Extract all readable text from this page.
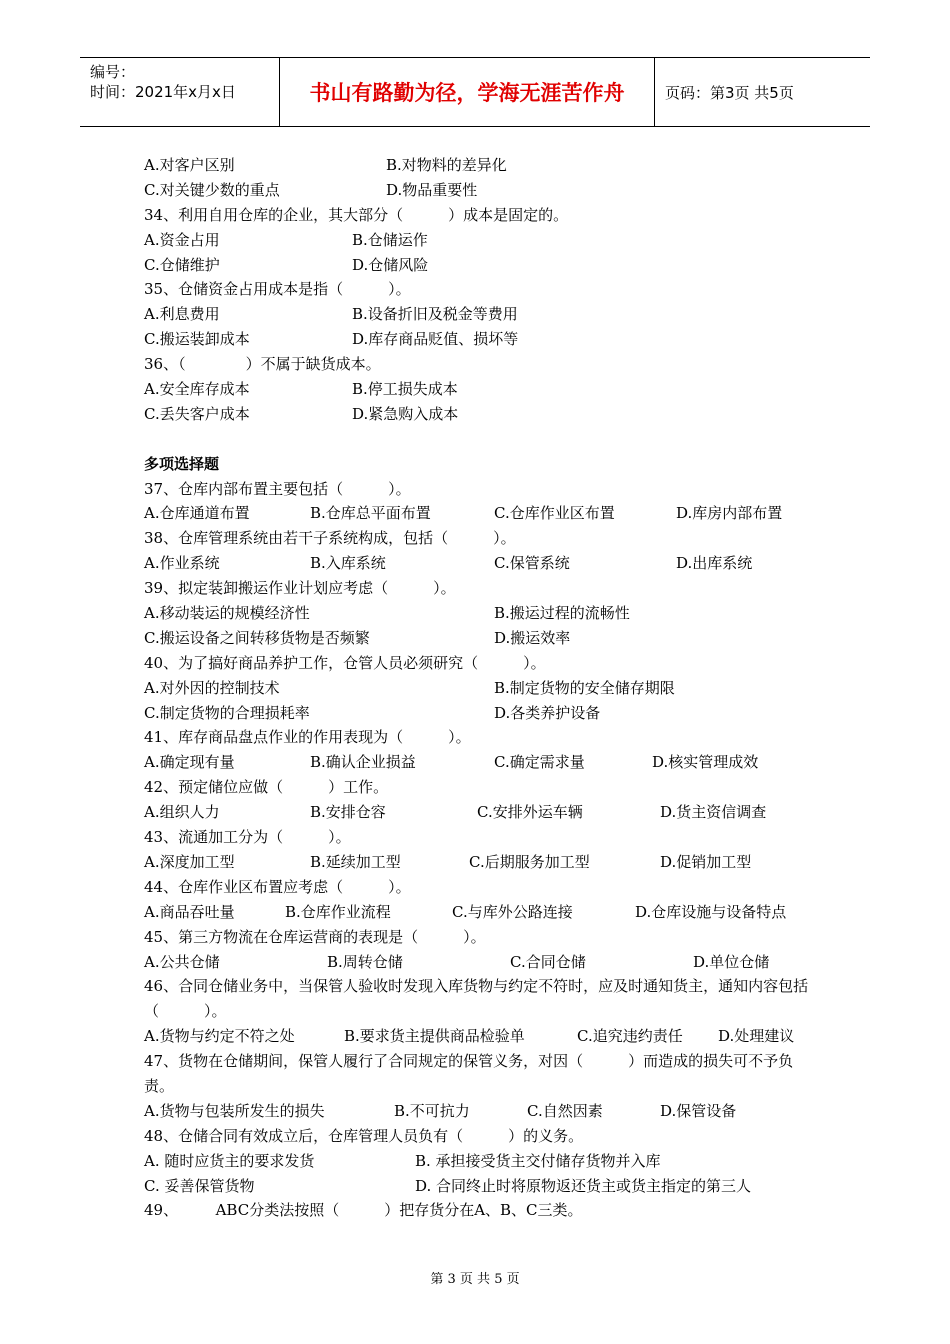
编号：
时间：2021年x月x日	书山有路勤为径，学海无涯苦作舟	页码：第3页 共5页
A.对客户区别	B.对物料的差异化
C.对关键少数的重点	D.物品重要性
34、利用自用仓库的企业，其大部分（　　　）成本是固定的。
A.资金占用	B.仓储运作
C.仓储维护	D.仓储风险
35、仓储资金占用成本是指（　　　）。
A.利息费用	B.设备折旧及税金等费用
C.搬运装卸成本	D.库存商品贬值、损坏等
36、（　　　　）不属于缺货成本。
A.安全库存成本	B.停工损失成本
C.丢失客户成本	D.紧急购入成本
多项选择题
37、仓库内部布置主要包括（　　　）。
A.仓库通道布置	B.仓库总平面布置	C.仓库作业区布置	D.库房内部布置
38、仓库管理系统由若干子系统构成，包括（　　　）。
A.作业系统	B.入库系统	C.保管系统	D.出库系统
39、拟定装卸搬运作业计划应考虑（　　　）。
A.移动装运的规模经济性	B.搬运过程的流畅性
C.搬运设备之间转移货物是否频繁	D.搬运效率
40、为了搞好商品养护工作，仓管人员必须研究（　　　）。
A.对外因的控制技术	B.制定货物的安全储存期限
C.制定货物的合理损耗率	D.各类养护设备
41、库存商品盘点作业的作用表现为（　　　）。
A.确定现有量	B.确认企业损益	C.确定需求量	D.核实管理成效
42、预定储位应做（　　　）工作。
A.组织人力	B.安排仓容	C.安排外运车辆	D.货主资信调查
43、流通加工分为（　　　）。
A.深度加工型	B.延续加工型	C.后期服务加工型	D.促销加工型
44、仓库作业区布置应考虑（　　　）。
A.商品吞吐量	B.仓库作业流程	C.与库外公路连接	D.仓库设施与设备特点
45、第三方物流在仓库运营商的表现是（　　　）。
A.公共仓储	B.周转仓储	C.合同仓储	D.单位仓储
46、合同仓储业务中，当保管人验收时发现入库货物与约定不符时，应及时通知货主，通知内容包括（　　　）。
A.货物与约定不符之处	B.要求货主提供商品检验单	C.追究违约责任 D.处理建议
47、货物在仓储期间，保管人履行了合同规定的保管义务，对因（　　　）而造成的损失可不予负责。
A.货物与包装所发生的损失	B.不可抗力	C.自然因素	D.保管设备
48、仓储合同有效成立后，仓库管理人员负有（　　　）的义务。
A. 随时应货主的要求发货	B. 承担接受货主交付储存货物并入库
C. 妥善保管货物	D. 合同终止时将原物返还货主或货主指定的第三人
49、　　　ABC分类法按照（　　　）把存货分在A、B、C三类。
第 3 页 共 5 页
